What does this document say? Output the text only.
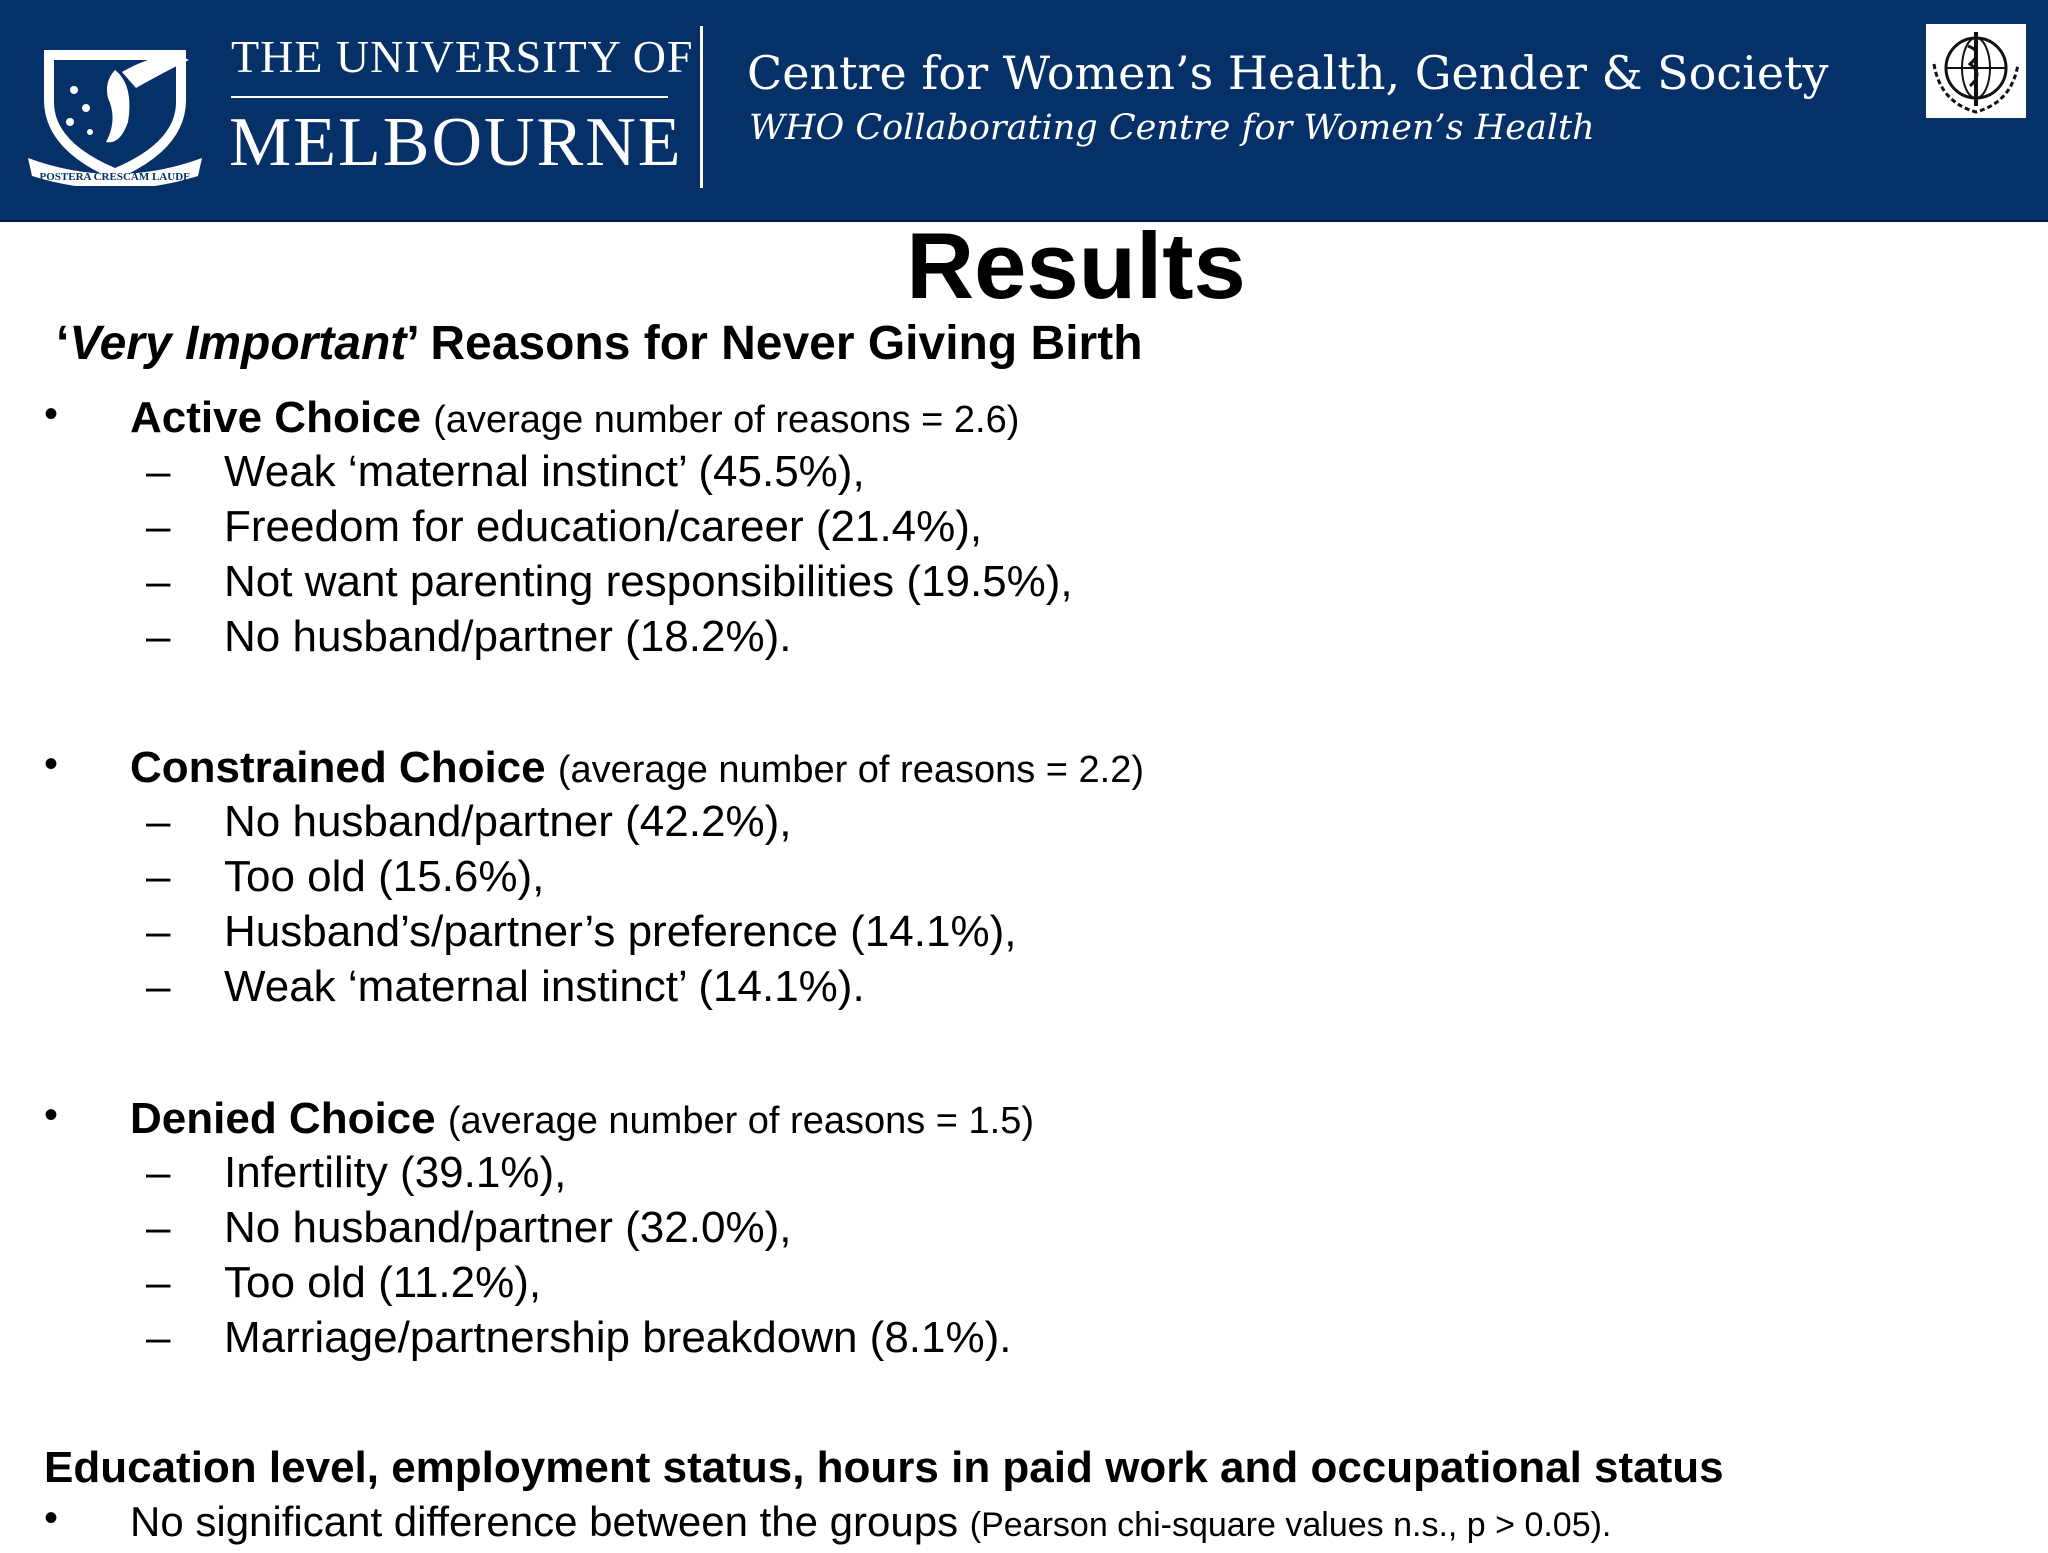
POSTERA CRESCAM LAUDE
THE UNIVERSITY OF
MELBOURNE
Centre for Women’s Health, Gender & Society
WHO Collaborating Centre for Women’s Health
Results
‘Very Important’ Reasons for Never Giving Birth
• Active Choice (average number of reasons = 2.6)
– Weak ‘maternal instinct’ (45.5%),
– Freedom for education/career (21.4%),
– Not want parenting responsibilities (19.5%),
– No husband/partner (18.2%).
• Constrained Choice (average number of reasons = 2.2)
– No husband/partner (42.2%),
– Too old (15.6%),
– Husband’s/partner’s preference (14.1%),
– Weak ‘maternal instinct’ (14.1%).
• Denied Choice (average number of reasons = 1.5)
– Infertility (39.1%),
– No husband/partner (32.0%),
– Too old (11.2%),
– Marriage/partnership breakdown (8.1%).
Education level, employment status, hours in paid work and occupational status
• No significant difference between the groups (Pearson chi-square values n.s., p > 0.05).
